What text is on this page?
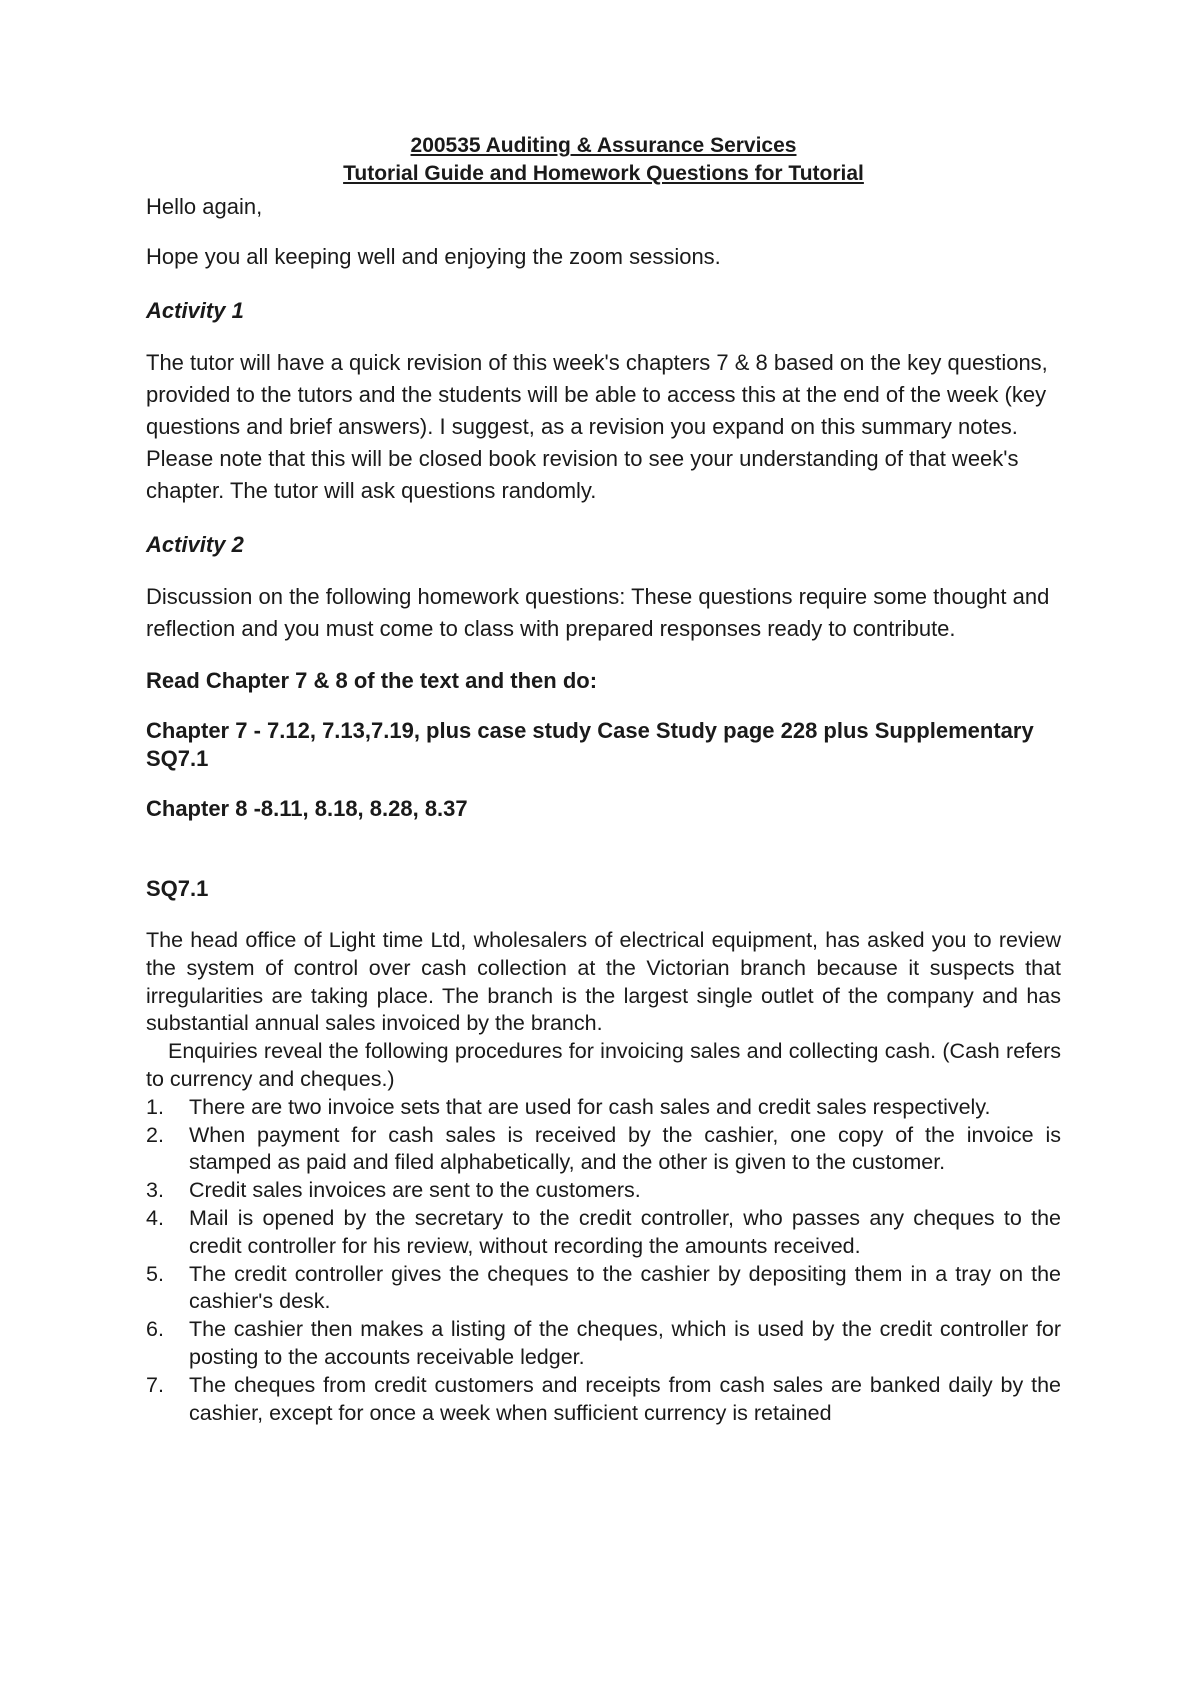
200535 Auditing & Assurance Services
Tutorial Guide and Homework Questions for Tutorial

Hello again,

Hope you all keeping well and enjoying the zoom sessions.

Activity 1

The tutor will have a quick revision of this week's chapters 7 & 8 based on the key questions, provided to the tutors and the students will be able to access this at the end of the week (key questions and brief answers). I suggest, as a revision you expand on this summary notes. Please note that this will be closed book revision to see your understanding of that week's chapter. The tutor will ask questions randomly.

Activity 2

Discussion on the following homework questions: These questions require some thought and reflection and you must come to class with prepared responses ready to contribute.

Read Chapter 7 & 8 of the text and then do:

Chapter 7 - 7.12, 7.13,7.19, plus case study Case Study page 228 plus Supplementary SQ7.1

Chapter 8 -8.11, 8.18, 8.28, 8.37

SQ7.1

The head office of Light time Ltd, wholesalers of electrical equipment, has asked you to review the system of control over cash collection at the Victorian branch because it suspects that irregularities are taking place. The branch is the largest single outlet of the company and has substantial annual sales invoiced by the branch.

Enquiries reveal the following procedures for invoicing sales and collecting cash. (Cash refers to currency and cheques.)

1. There are two invoice sets that are used for cash sales and credit sales respectively.
2. When payment for cash sales is received by the cashier, one copy of the invoice is stamped as paid and filed alphabetically, and the other is given to the customer.
3. Credit sales invoices are sent to the customers.
4. Mail is opened by the secretary to the credit controller, who passes any cheques to the credit controller for his review, without recording the amounts received.
5. The credit controller gives the cheques to the cashier by depositing them in a tray on the cashier's desk.
6. The cashier then makes a listing of the cheques, which is used by the credit controller for posting to the accounts receivable ledger.
7. The cheques from credit customers and receipts from cash sales are banked daily by the cashier, except for once a week when sufficient currency is retained
